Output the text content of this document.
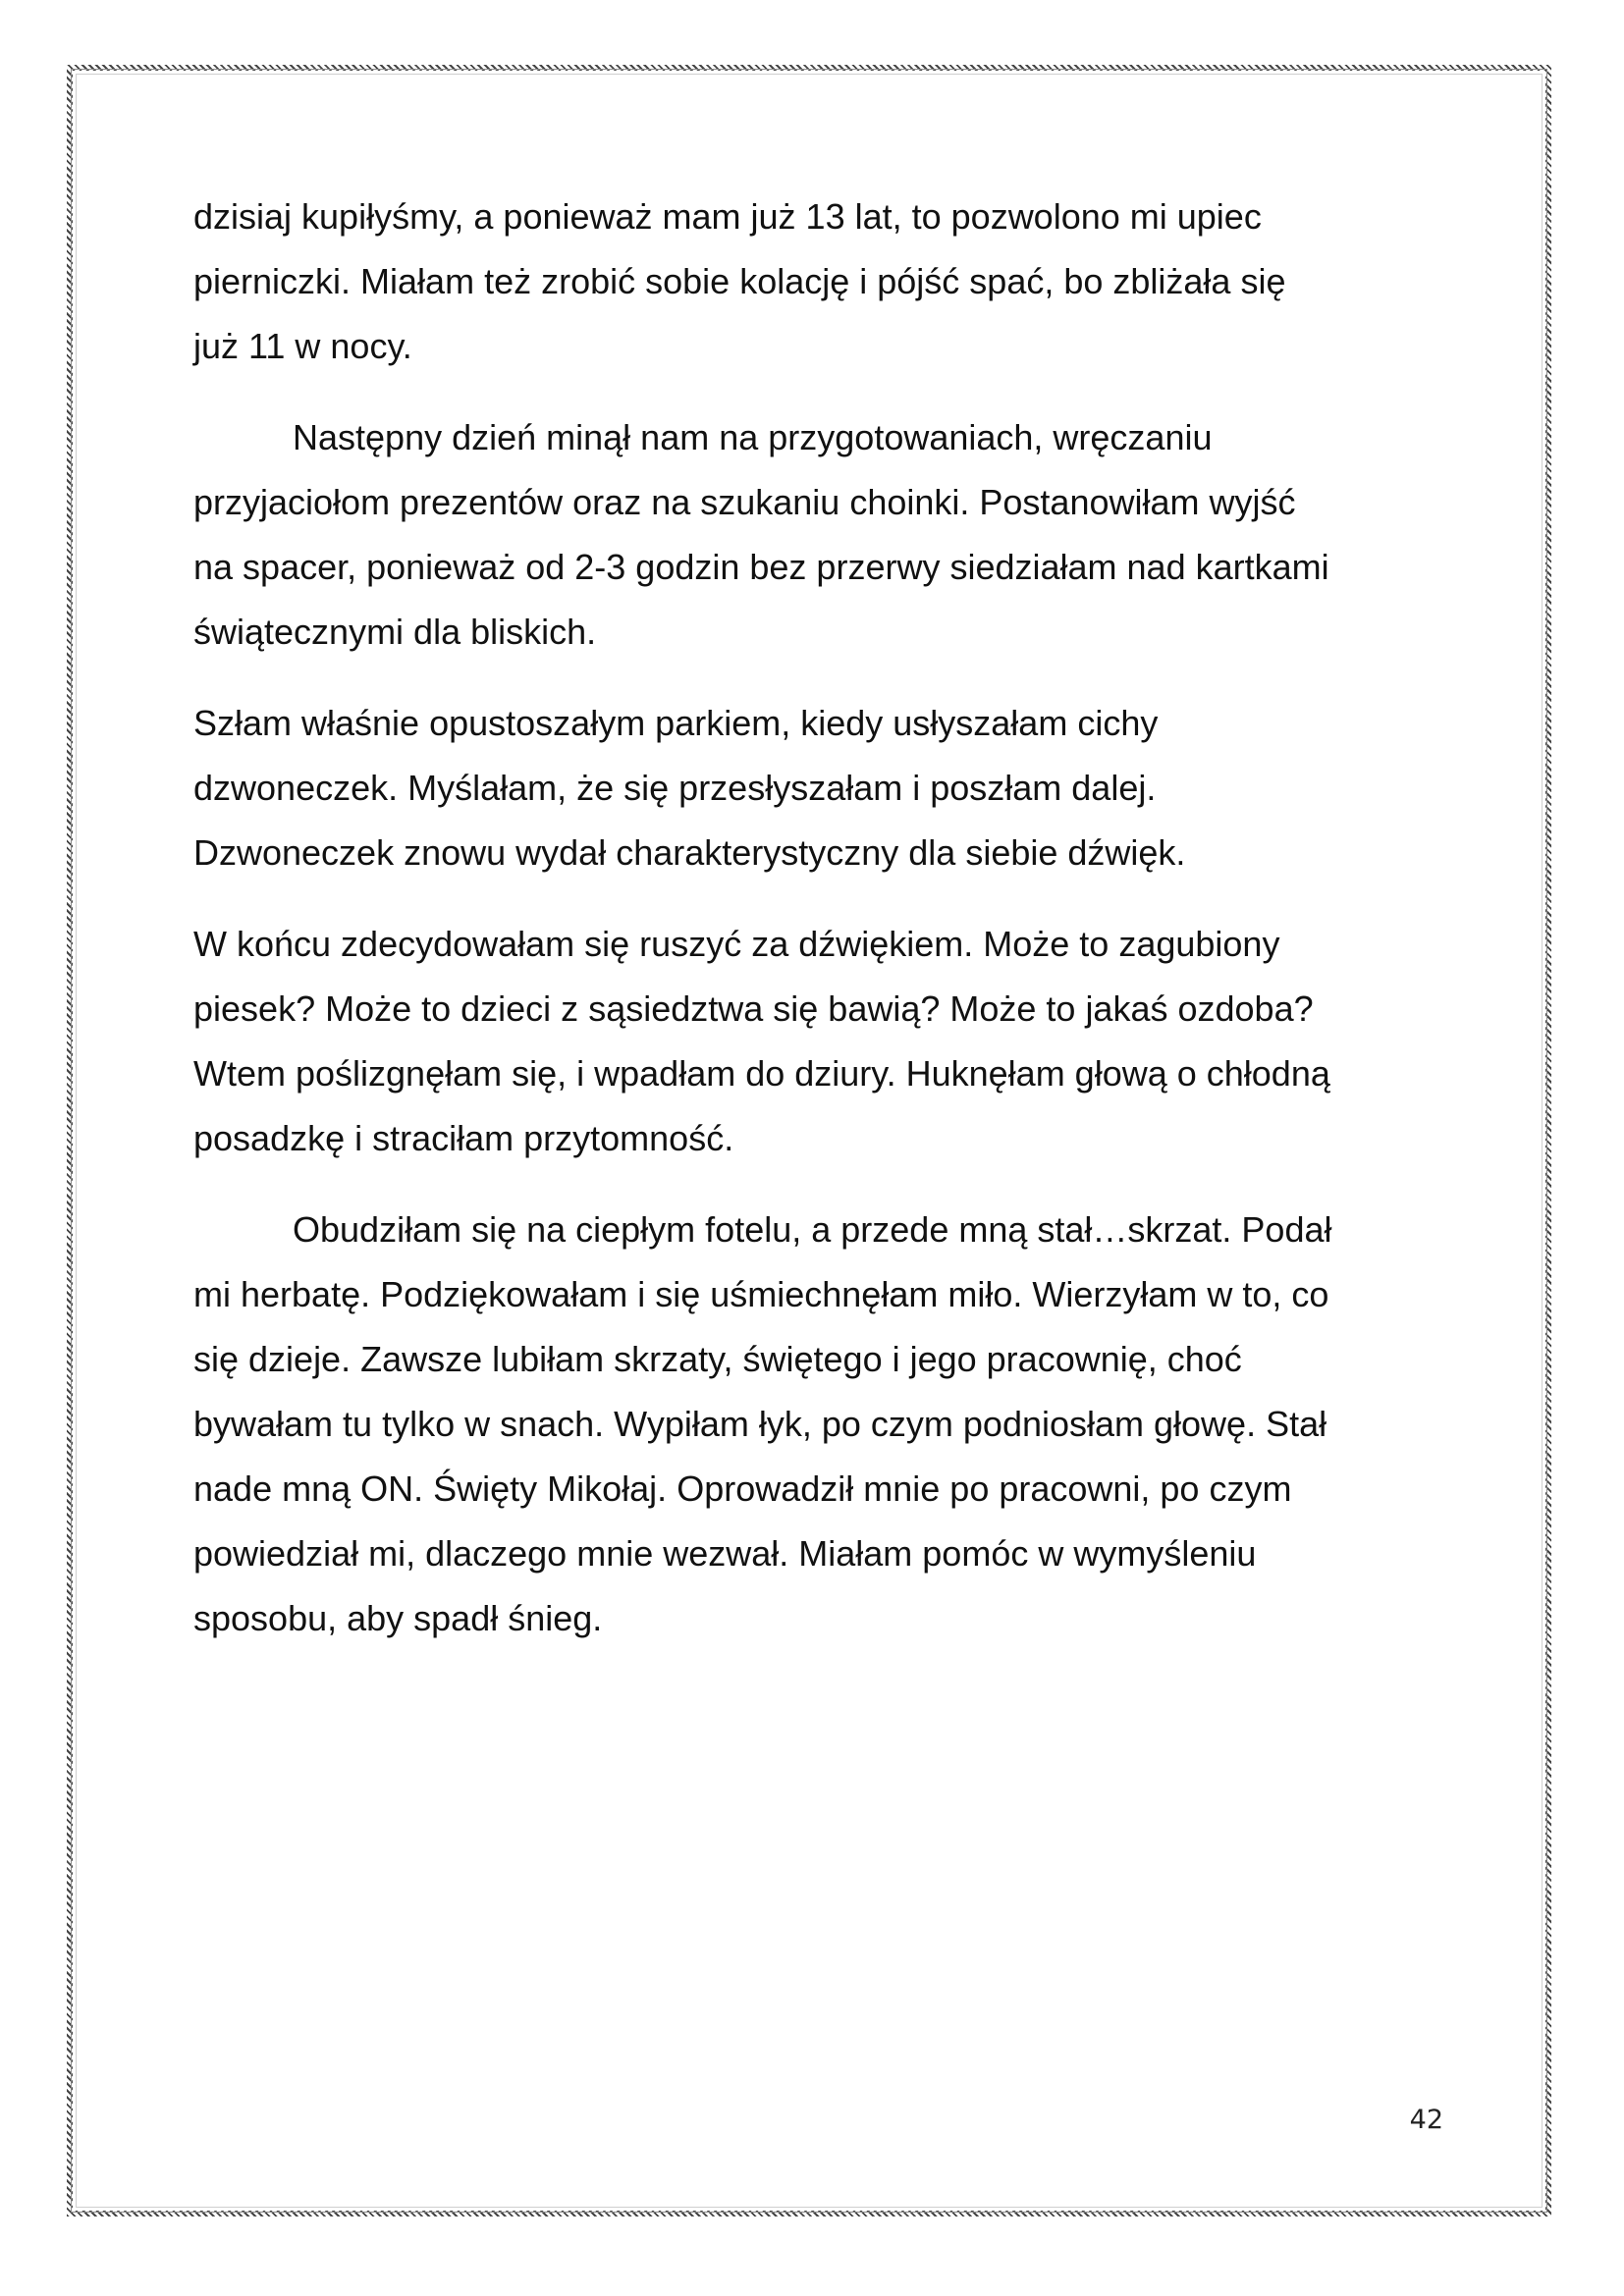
dzisiaj kupiłyśmy, a ponieważ mam już 13 lat, to pozwolono mi upiec
pierniczki. Miałam też zrobić sobie kolację i pójść spać, bo zbliżała się
już 11 w nocy.

Następny dzień minął nam na przygotowaniach, wręczaniu
przyjaciołom prezentów oraz na szukaniu choinki. Postanowiłam wyjść
na spacer, ponieważ od 2-3 godzin bez przerwy siedziałam nad kartkami
świątecznymi dla bliskich.

Szłam właśnie opustoszałym parkiem, kiedy usłyszałam cichy
dzwoneczek. Myślałam, że się przesłyszałam i poszłam dalej.
Dzwoneczek znowu wydał charakterystyczny dla siebie dźwięk.

W końcu zdecydowałam się ruszyć za dźwiękiem. Może to zagubiony
piesek? Może to dzieci z sąsiedztwa się bawią? Może to jakaś ozdoba?
Wtem poślizgnęłam się, i wpadłam do dziury. Huknęłam głową o chłodną
posadzkę i straciłam przytomność.

Obudziłam się na ciepłym fotelu, a przede mną stał…skrzat. Podał
mi herbatę. Podziękowałam i się uśmiechnęłam miło. Wierzyłam w to, co
się dzieje. Zawsze lubiłam skrzaty, świętego i jego pracownię, choć
bywałam tu tylko w snach. Wypiłam łyk, po czym podniosłam głowę. Stał
nade mną ON. Święty Mikołaj. Oprowadził mnie po pracowni, po czym
powiedział mi, dlaczego mnie wezwał. Miałam pomóc w wymyśleniu
sposobu, aby spadł śnieg.

42
